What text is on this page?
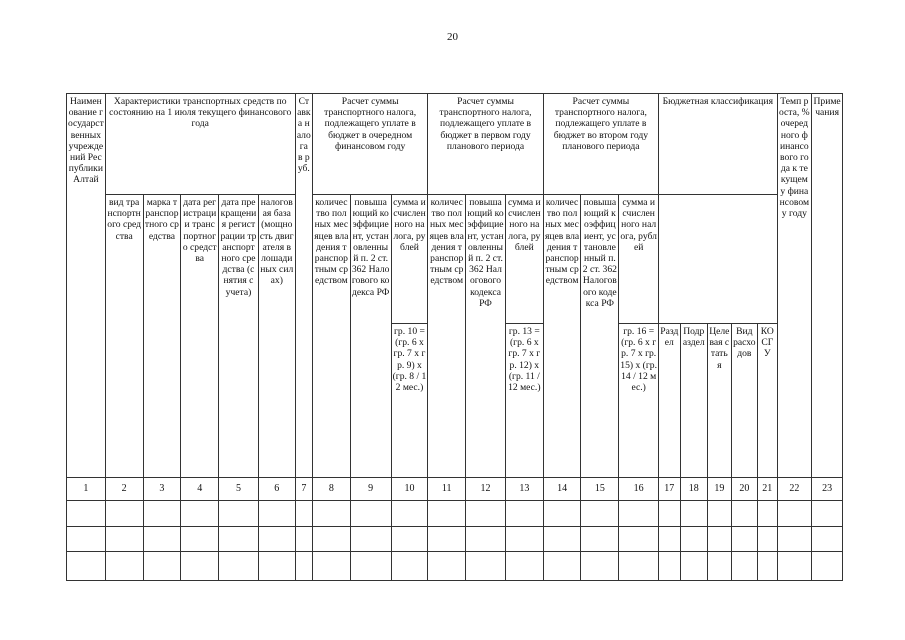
20
Наименование государственных учреждений Республики Алтай	Характеристики транспортных средств по состоянию на 1 июля текущего финансового года					Ставка налога в руб.	Расчет суммы транспортного налога, подлежащего уплате в бюджет в очередном финансовом году			Расчет суммы транспортного налога, подлежащего уплате в бюджет в первом году планового периода			Расчет суммы транспортного налога, подлежащего уплате в бюджет во втором году планового периода			Бюджетная классификация					Темп роста, % очередного финансового года к текущему финансовому году	Примечания

	вид транспортного средства	марка транспортного средства	дата регистрации транспортного средства	дата прекращения регистрации транспортного средства (снятия с учета)	налоговая база (мощность двигателя в лошадиных силах)		количество полных месяцев владения транспортным средством	повышающий коэффициент, установленный п. 2 ст. 362 Налогового кодекса РФ	сумма исчисленного налога, рублей	количество полных месяцев владения транспортным средством	повышающий коэффициент, установленный п. 2 ст. 362 Налогового кодекса РФ	сумма исчисленного налога, рублей	количество полных месяцев владения транспортным средством	повышающий коэффициент, установленный п. 2 ст. 362 Налогового кодекса РФ	сумма исчисленного налога, рублей							

									гр. 10 = (гр. 6 x гр. 7 x гр. 9) x (гр. 8 / 12 мес.)			гр. 13 = (гр. 6 x гр. 7 x гр. 12) x (гр. 11 / 12 мес.)			гр. 16 = (гр. 6 x гр. 7 x гр. 15) x (гр. 14 / 12 мес.)	Раздел	Подраздел	Целевая статья	Вид расходов	КОСГУ		

1	2	3	4	5	6	7	8	9	10	11	12	13	14	15	16	17	18	19	20	21	22	23
